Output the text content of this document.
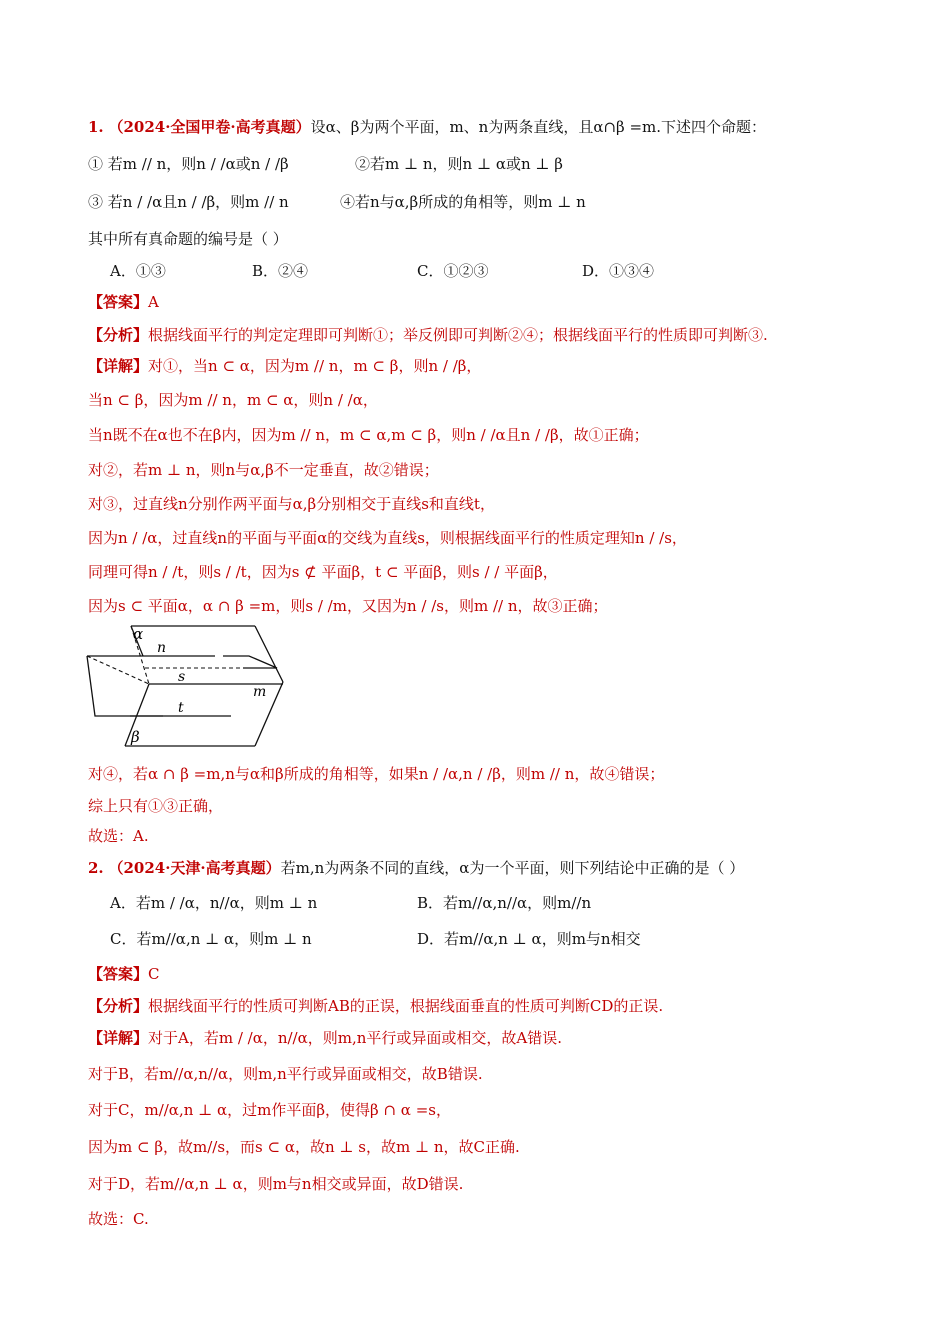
1. （2024·全国甲卷·高考真题）设α、β为两个平面，m、n为两条直线，且α∩β =m.下述四个命题：
① 若m // n，则n / /α或n / /β	②若m ⊥ n，则n ⊥ α或n ⊥ β
③ 若n / /α且n / /β，则m // n	④若n与α,β所成的角相等，则m ⊥ n
其中所有真命题的编号是（ ）
A．①③	B．②④	C．①②③	D．①③④
【答案】A
【分析】根据线面平行的判定定理即可判断①；举反例即可判断②④；根据线面平行的性质即可判断③.
【详解】对①，当n ⊂ α，因为m // n，m ⊂ β，则n / /β，
当n ⊂ β，因为m // n，m ⊂ α，则n / /α，
当n既不在α也不在β内，因为m // n，m ⊂ α,m ⊂ β，则n / /α且n / /β，故①正确；
对②，若m ⊥ n，则n与α,β不一定垂直，故②错误；
对③，过直线n分别作两平面与α,β分别相交于直线s和直线t，
因为n / /α，过直线n的平面与平面α的交线为直线s，则根据线面平行的性质定理知n / /s，
同理可得n / /t，则s / /t，因为s ⊄ 平面β，t ⊂ 平面β，则s / / 平面β，
因为s ⊂ 平面α，α ∩ β =m，则s / /m，又因为n / /s，则m // n，故③正确；
α
n
s
m
t
β
对④，若α ∩ β =m,n与α和β所成的角相等，如果n / /α,n / /β，则m // n，故④错误；
综上只有①③正确，
故选：A.
2. （2024·天津·高考真题）若m,n为两条不同的直线，α为一个平面，则下列结论中正确的是（ ）
A．若m / /α，n//α，则m ⊥ n	B．若m//α,n//α，则m//n
C．若m//α,n ⊥ α，则m ⊥ n	D．若m//α,n ⊥ α，则m与n相交
【答案】C
【分析】根据线面平行的性质可判断AB的正误，根据线面垂直的性质可判断CD的正误.
【详解】对于A，若m / /α，n//α，则m,n平行或异面或相交，故A错误.
对于B，若m//α,n//α，则m,n平行或异面或相交，故B错误.
对于C，m//α,n ⊥ α，过m作平面β，使得β ∩ α =s，
因为m ⊂ β，故m//s，而s ⊂ α，故n ⊥ s，故m ⊥ n，故C正确.
对于D，若m//α,n ⊥ α，则m与n相交或异面，故D错误.
故选：C.
